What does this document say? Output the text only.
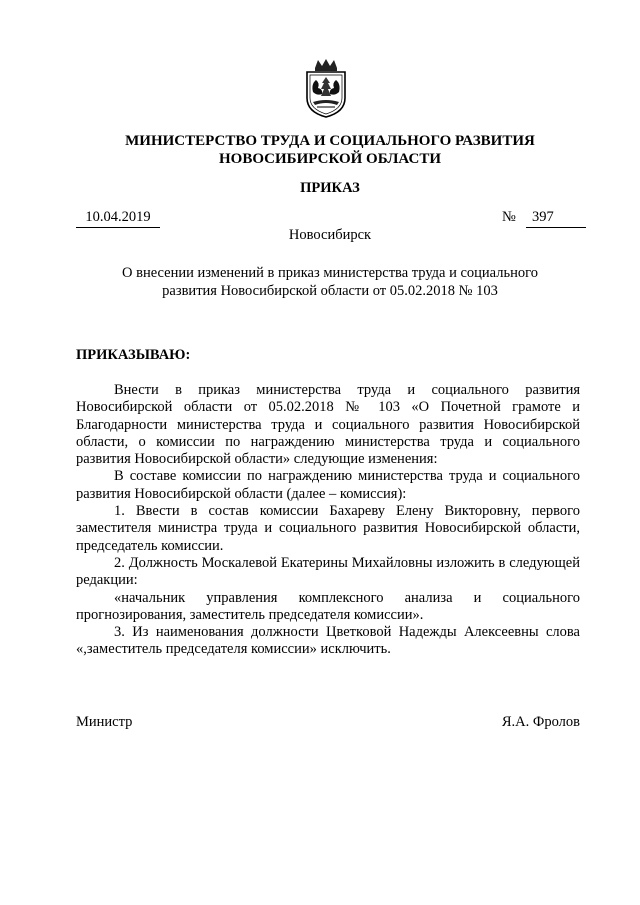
МИНИСТЕРСТВО ТРУДА И СОЦИАЛЬНОГО РАЗВИТИЯ
НОВОСИБИРСКОЙ ОБЛАСТИ
ПРИКАЗ
10.04.2019	№	397
Новосибирск
О внесении изменений в приказ министерства труда и социального развития Новосибирской области от 05.02.2018 № 103
ПРИКАЗЫВАЮ:

Внести в приказ министерства труда и социального развития Новосибирской области от 05.02.2018 № 103 «О Почетной грамоте и Благодарности министерства труда и социального развития Новосибирской области, о комиссии по награждению министерства труда и социального развития Новосибирской области» следующие изменения:

В составе комиссии по награждению министерства труда и социального развития Новосибирской области (далее – комиссия):

1. Ввести в состав комиссии Бахареву Елену Викторовну, первого заместителя министра труда и социального развития Новосибирской области, председатель комиссии.

2. Должность Москалевой Екатерины Михайловны изложить в следующей редакции:

«начальник управления комплексного анализа и социального прогнозирования, заместитель председателя комиссии».

3. Из наименования должности Цветковой Надежды Алексеевны слова «,заместитель председателя комиссии» исключить.

Министр	Я.А. Фролов
